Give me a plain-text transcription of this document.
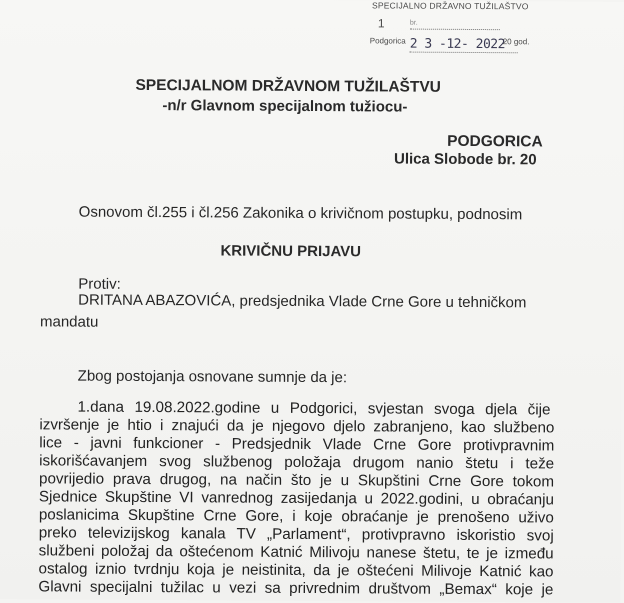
SPECIJALNO DRŽAVNO TUŽILAŠTVO
1	br.
Podgorica 2 3 -12- 2022
20 god.
SPECIJALNOM DRŽAVNOM TUŽILAŠTVU
-n/r Glavnom specijalnom tužiocu-
PODGORICA
Ulica Slobode br. 20
Osnovom čl.255 i čl.256 Zakonika o krivičnom postupku, podnosim
KRIVIČNU PRIJAVU
Protiv:
DRITANA ABAZOVIĆA, predsjednika Vlade Crne Gore u tehničkom
mandatu
Zbog postojanja osnovane sumnje da je:
1.dana 19.08.2022.godine u Podgorici, svjestan svoga djela čije
izvršenje je htio i znajući da je njegovo djelo zabranjeno, kao službeno
lice - javni funkcioner - Predsjednik Vlade Crne Gore protivpravnim
iskorišćavanjem svog službenog položaja drugom nanio štetu i teže
povrijedio prava drugog, na način što je u Skupštini Crne Gore tokom
Sjednice Skupštine VI vanrednog zasijedanja u 2022.godini, u obraćanju
poslanicima Skupštine Crne Gore, i koje obraćanje je prenošeno uživo
preko televizijskog kanala TV „Parlament“, protivpravno iskoristio svoj
službeni položaj da oštećenom Katnić Milivoju nanese štetu, te je između
ostalog iznio tvrdnju koja je neistinita, da je oštećeni Milivoje Katnić kao
Glavni specijalni tužilac u vezi sa privrednim društvom „Bemax“ koje je
